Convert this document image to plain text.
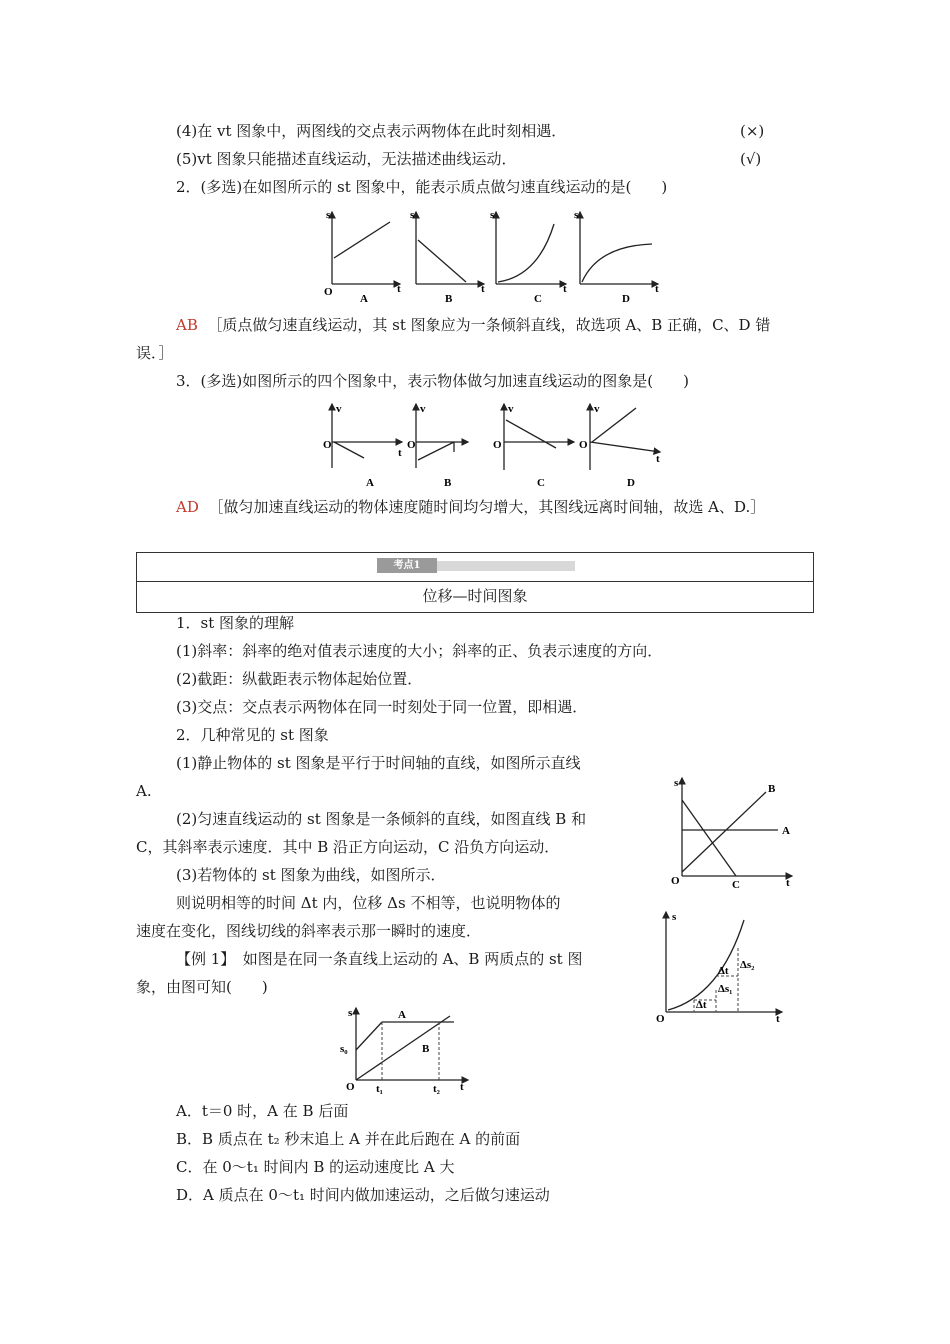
(4)在 vt 图象中，两图线的交点表示两物体在此时刻相遇．	(×)
(5)vt 图象只能描述直线运动，无法描述曲线运动．	(√)
2．(多选)在如图所示的 st 图象中，能表示质点做匀速直线运动的是(　　)
s
t
O
A
s
t
B
s
t
C
s
t
D
AB ［质点做匀速直线运动，其 st 图象应为一条倾斜直线，故选项 A、B 正确，C、D 错
误．］
3．(多选)如图所示的四个图象中，表示物体做匀加速直线运动的图象是(　　)
v
t
O
A
v
O
B
v
O
C
v
t
O
D
AD ［做匀加速直线运动的物体速度随时间均匀增大，其图线远离时间轴，故选 A、D.］
考点1
位移—时间图象
1．st 图象的理解
(1)斜率：斜率的绝对值表示速度的大小；斜率的正、负表示速度的方向．
(2)截距：纵截距表示物体起始位置．
(3)交点：交点表示两物体在同一时刻处于同一位置，即相遇．
2．几种常见的 st 图象
(1)静止物体的 st 图象是平行于时间轴的直线，如图所示直线
A.
(2)匀速直线运动的 st 图象是一条倾斜的直线，如图直线 B 和
C，其斜率表示速度．其中 B 沿正方向运动，C 沿负方向运动．
(3)若物体的 st 图象为曲线，如图所示．
则说明相等的时间 Δt 内，位移 Δs 不相等，也说明物体的
速度在变化，图线切线的斜率表示那一瞬时的速度．
【例 1】　如图是在同一条直线上运动的 A、B 两质点的 st 图
象，由图可知(　　)
s
t
O
A
B
C
s
t
O
Δt Δs₂
Δs₁
Δt
s
t
O
s₀
t₁	t₂
A
B
A．t＝0 时，A 在 B 后面
B．B 质点在 t₂ 秒末追上 A 并在此后跑在 A 的前面
C．在 0～t₁ 时间内 B 的运动速度比 A 大
D．A 质点在 0～t₁ 时间内做加速运动，之后做匀速运动
